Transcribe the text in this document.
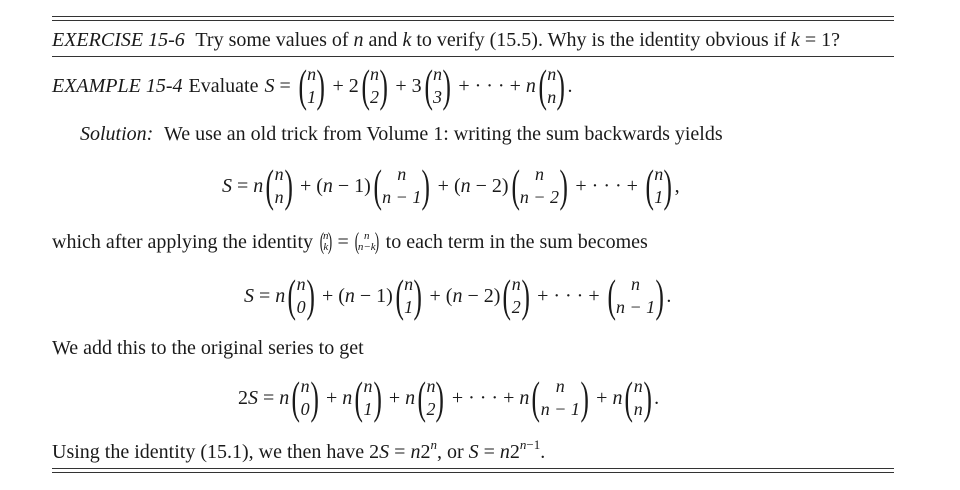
EXERCISE 15-6 Try some values of n and k to verify (15.5). Why is the identity obvious if k = 1?
EXAMPLE 15-4 Evaluate S = ( n
1 ) + 2 ( n
2 ) + 3 ( n
3 ) + · · · + n ( n
n ) .
Solution: We use an old trick from Volume 1: writing the sum backwards yields
S = n ( n
n ) + ( n − 1) ( n
n − 1 ) + ( n − 2) ( n
n − 2 ) + · · · + ( n
1 ) ,
which after applying the identity (
n
k ) = ( n
n−k
) to each term in the sum becomes
S = n ( n
0 ) + ( n − 1) ( n
1 ) + ( n − 2) ( n
2 ) + · · · + ( n
n − 1 ) .
We add this to the original series to get
2 S = n ( n
0 ) + n ( n
1 ) + n ( n
2 ) + · · · + n ( n
n − 1 ) + n ( n
n ) .
Using the identity (15.1), we then have $2S = n2^n$, or $S = n2^{n-1}$.
